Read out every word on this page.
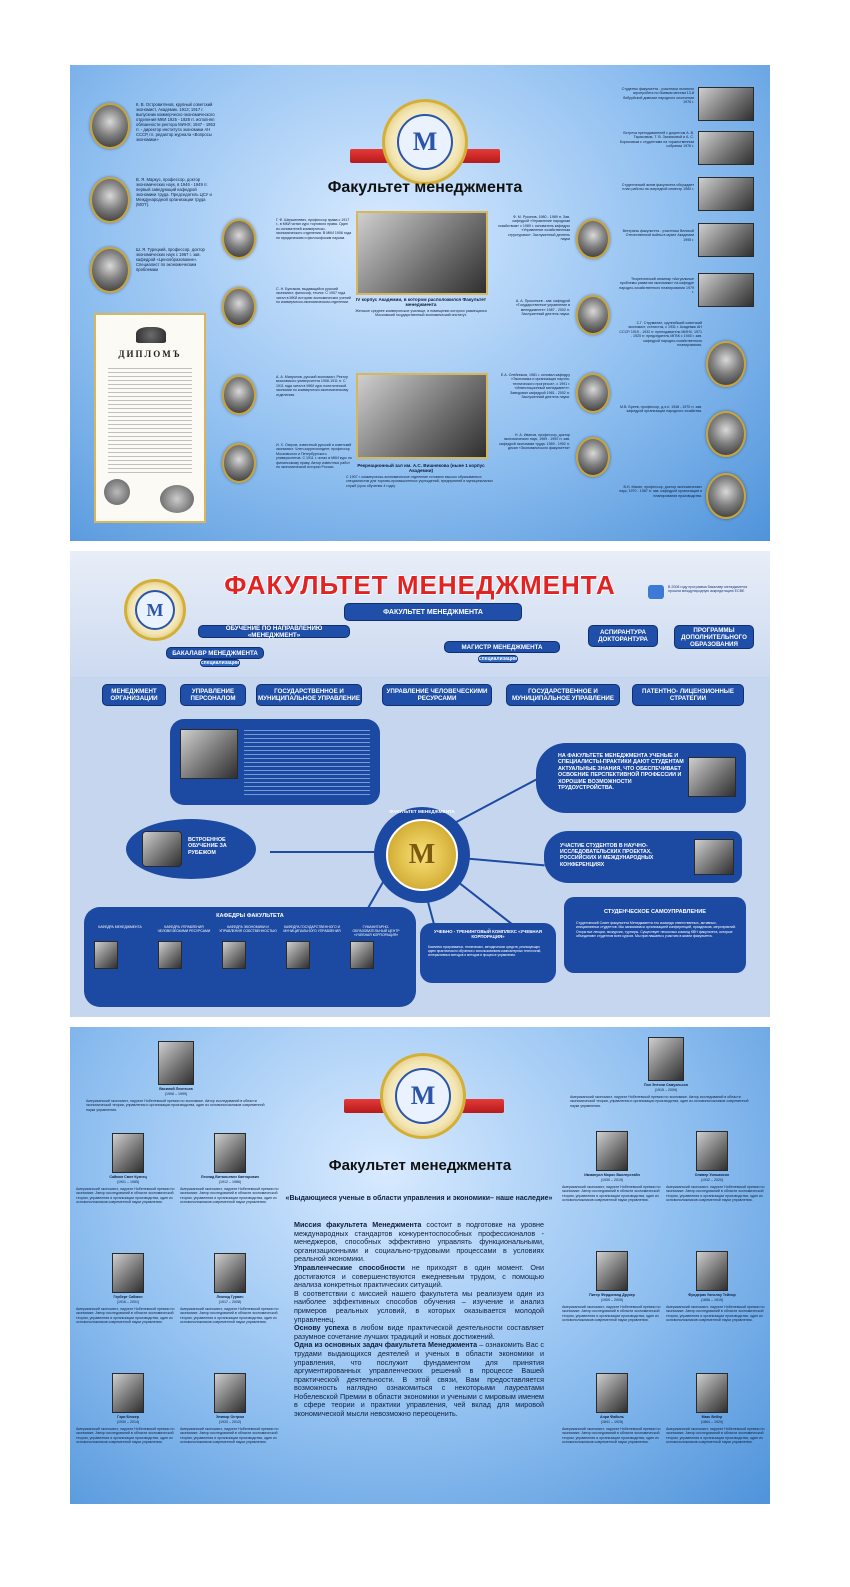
К. В. Островитянов, крупный советский экономист, Академик. 1913; 1917 г. выпускник коммерческо-экономического отделения МКИ 1925 - 1928 гг. исполнял обязанности ректора МИНХ; 1947 - 1953 гг. - директор института экономики АН СССР, гл. редактор журнала «Вопросы экономики»
В. Я. Маркус, профессор, доктор экономических наук, в 1946 - 1949 гг. первый заведующий кафедрой экономики труда. Председатель ЦСУ и Международной организации труда (МОТ).
Ш. Я. Турецкий, профессор, доктор экономических наук с 1967 г. зав. кафедрой «Ценообразование». Специалист по экономическим проблемам
ДИПЛОМЪ
М
Факультет менеджмента
Г. Ф. Шершеневич, профессор права с 1917 г., в МКИ читал курс торгового права. Один из основателей коммерческо-экономического отделения. В МКИ 1906 года по юридическим и философским наукам.
С. Н. Булгаков, выдающийся русский экономист, философ, теолог. С 1907 года читал в МКИ историю экономических учений по коммерческо-экономическом отделении.
А. А. Мануилов, русский экономист, Ректор московского университета 1908-1911 гг. С 1911 года читал в МКИ курс политической экономии по коммерческо-экономическому отделению.
И. Х. Озеров, известный русский и советский экономист. Член-корреспондент, профессор Московского и Петербургского университетов. С 1911 г. читал в МКИ курс по финансовому праву. Автор известных работ по экономической истории России.
IV корпус Академии, в котором расположился Факультет менеджмента
Женское среднее коммерческое училище, в помещении которого размещался Московский государственный экономический институт.
Рекреационный зал им. А.С. Вишнякова (ныне 1 корпус Академии)
С 1907 г. коммерческо-экономическое отделение готовило высоко образованных специалистов для торгово-промышленных учреждений, предприятий и муниципальных служб (срок обучения 4 года).
Ф. М. Русинов, 1980 - 1989 гг. Зав. кафедрой «Управление народным хозяйством» с 1989 г. основатель кафедры «Управление хозяйственным структурами». Заслуженный деятель науки
А. А. Прокопьев - зав. кафедрой «Государственное управление в менеджменте» 1987 - 2002 гг. Заслуженный деятель науки.
Е.А. Олейников, 1981 г. основал кафедру «Экономика и организация научно-технического прогресса», с 1991 г. «Инвестиционный менеджмент». Заведовал кафедрой 1981 - 2002 гг. Заслуженный деятель науки.
Н. А. Иванов, профессор, доктор экономических наук, 1969 - 1992 гг. зав. кафедрой экономики труда. 1969 - 1992 гг. декан «Экономического факультета»
Студенты факультета - участники льняного агропробега по боевым местам 13-й бобруйской дивизии народного ополчения 1976 г.
Встреча преподавателей с доцентом А. В. Тарасовым, Т. В. Записковой и А. С. Борисовым с студентами на торжественном собрании 1976 г.
Студенческий актив факультета обсуждает план работы на очередной семестр 1980 г.
Ветераны факультета - участники Великой Отечественной войны в музее Академии 1995 г.
Теоретический семинар «Актуальные проблемы развития экономики» на кафедре народно-хозяйственного планирования 1979 г.
С.Г. Струмилин, крупнейший советский экономист, статистик, с 1931 г. Академик АН СССР. 1919 - 1932 гг. преподаватель МИНХ, 1971 - 1925 гг. председатель МГВК с 1945 г. зав. кафедрой народно-хозяйственного планирования.
М.В. Бреев, профессор, д.э.н. 1948 - 1970 гг. зав. кафедрой организации народного хозяйства.
В.Н. Мясин, профессор, доктор экономических наук, 1970 - 1987 гг. зав. кафедрой организации и планирования производства.
ФАКУЛЬТЕТ МЕНЕДЖМЕНТА
М
В 2008 году программа бакалавр менеджмента прошла международную аккредитацию ЕСВЕ
ФАКУЛЬТЕТ МЕНЕДЖМЕНТА
ОБУЧЕНИЕ ПО НАПРАВЛЕНИЮ «МЕНЕДЖМЕНТ»	АСПИРАНТУРА ДОКТОРАНТУРА
ПРОГРАММЫ ДОПОЛНИТЕЛЬНОГО ОБРАЗОВАНИЯ
БАКАЛАВР МЕНЕДЖМЕНТА
МАГИСТР МЕНЕДЖМЕНТА
специализации
специализации
МЕНЕДЖМЕНТ ОРГАНИЗАЦИИ
УПРАВЛЕНИЕ ПЕРСОНАЛОМ
ГОСУДАРСТВЕННОЕ И МУНИЦИПАЛЬНОЕ УПРАВЛЕНИЕ
УПРАВЛЕНИЕ ЧЕЛОВЕЧЕСКИМИ РЕСУРСАМИ
ГОСУДАРСТВЕННОЕ И МУНИЦИПАЛЬНОЕ УПРАВЛЕНИЕ
ПАТЕНТНО- ЛИЦЕНЗИОННЫЕ СТРАТЕГИИ
НА ФАКУЛЬТЕТЕ МЕНЕДЖМЕНТА УЧЕНЫЕ И СПЕЦИАЛИСТЫ-ПРАКТИКИ ДАЮТ СТУДЕНТАМ АКТУАЛЬНЫЕ ЗНАНИЯ, ЧТО ОБЕСПЕЧИВАЕТ ОСВОЕНИЕ ПЕРСПЕКТИВНОЙ ПРОФЕССИИ И ХОРОШИЕ ВОЗМОЖНОСТИ ТРУДОУСТРОЙСТВА.
М
ФАКУЛЬТЕТ МЕНЕДЖМЕНТА
ВСТРОЕННОЕ ОБУЧЕНИЕ ЗА РУБЕЖОМ
УЧАСТИЕ СТУДЕНТОВ В НАУЧНО-ИССЛЕДОВАТЕЛЬСКИХ ПРОЕКТАХ, РОССИЙСКИХ И МЕЖДУНАРОДНЫХ КОНФЕРЕНЦИЯХ
СТУДЕНЧЕСКОЕ САМОУПРАВЛЕНИЕ
Студенческий Совет факультета Менеджмента это команда ответственных, активных, инициативных студентов. Мы занимаемся организацией конференций, праздников, мероприятий. Открытые лекции, экскурсии, турниры. Существует несколько команд КВН факультета, которые объединяют студентов всех курсов. Мы приглашаем к участию в жизни факультета.
УЧЕБНО - ТРЕНИНГОВЫЙ КОМПЛЕКС «УЧЕБНАЯ КОРПОРАЦИЯ»
Комплекс программных, технических, методических средств, реализующих идею практического обучения с использованием компьютерных технологий, интерактивных методов и методов в процессе управления.
КАФЕДРЫ ФАКУЛЬТЕТА
КАФЕДРА МЕНЕДЖМЕНТА	КАФЕДРА УПРАВЛЕНИЯ ЧЕЛОВЕЧЕСКИМИ РЕСУРСАМИ
КАФЕДРА ЭКОНОМИКИ И УПРАВЛЕНИЯ СОБСТВЕННОСТЬЮ
КАФЕДРА ГОСУДАРСТВЕННОГО И МУНИЦИПАЛЬНОГО УПРАВЛЕНИЯ
ГУМАНИТАРНО-ОБРАЗОВАТЕЛЬНЫЙ ЦЕНТР «УЧЕБНАЯ КОРПОРАЦИЯ»
М
Факультет менеджмента
«Выдающиеся ученые в области управления и экономики– наше наследие»
Миссия факультета Менеджмента состоит в подготовке на уровне международных стандартов конкурентоспособных профессионалов - менеджеров, способных эффективно управлять функциональными, организационными и социально-трудовыми процессами в условиях реальной экономики.
Управленческие способности не приходят в один момент. Они достигаются и совершенствуются ежедневным трудом, с помощью анализа конкретных практических ситуаций.
В соответствии с миссией нашего факультета мы реализуем один из наиболее эффективных способов обучения – изучение и анализ примеров реальных условий, в которых оказывается молодой управленец.
Основу успеха в любом виде практической деятельности составляет разумное сочетание лучших традиций и новых достижений.
Одна из основных задач факультета Менеджмента – ознакомить Вас с трудами выдающихся деятелей и ученых в области экономики и управления, что послужит фундаментом для принятия аргументированных управленческих решений в процессе Вашей практической деятельности. В этой связи, Вам предоставляется возможность наглядно ознакомиться с некоторыми лауреатами Нобелевской Премии в области экономики и учеными с мировым именем в сфере теории и практики управления, чей вклад для мировой экономической мысли невозможно переоценить.
Василий Леонтьев
(1906 – 1999)
Американский экономист, лауреат Нобелевской премии по экономике. Автор исследований в области экономической теории, управления и организации производства, один из основоположников современной науки управления.
Саймон Смит Кузнец
(1901 – 1985)
Американский экономист, лауреат Нобелевской премии по экономике. Автор исследований в области экономической теории, управления и организации производства, один из основоположников современной науки управления.
Леонид Витальевич Канторович
(1912 – 1986)
Американский экономист, лауреат Нобелевской премии по экономике. Автор исследований в области экономической теории, управления и организации производства, один из основоположников современной науки управления.
Герберт Саймон
(1916 – 2001)
Американский экономист, лауреат Нобелевской премии по экономике. Автор исследований в области экономической теории, управления и организации производства, один из основоположников современной науки управления.
Леонид Гурвич
(1917 – 2008)
Американский экономист, лауреат Нобелевской премии по экономике. Автор исследований в области экономической теории, управления и организации производства, один из основоположников современной науки управления.
Гэри Беккер
(1930 – 2014)
Американский экономист, лауреат Нобелевской премии по экономике. Автор исследований в области экономической теории, управления и организации производства, один из основоположников современной науки управления.
Элинор Остром
(1933 – 2012)
Американский экономист, лауреат Нобелевской премии по экономике. Автор исследований в области экономической теории, управления и организации производства, один из основоположников современной науки управления.
Пол Энтони Самуэльсон
(1915 – 2009)
Американский экономист, лауреат Нобелевской премии по экономике. Автор исследований в области экономической теории, управления и организации производства, один из основоположников современной науки управления.
Иммануил Морис Валлерстайн
(1930 – 2019)
Американский экономист, лауреат Нобелевской премии по экономике. Автор исследований в области экономической теории, управления и организации производства, один из основоположников современной науки управления.
Оливер Уильямсон
(1932 – 2020)
Американский экономист, лауреат Нобелевской премии по экономике. Автор исследований в области экономической теории, управления и организации производства, один из основоположников современной науки управления.
Питер Фердинанд Друкер
(1909 – 2005)
Американский экономист, лауреат Нобелевской премии по экономике. Автор исследований в области экономической теории, управления и организации производства, один из основоположников современной науки управления.
Фредерик Уинслоу Тейлор
(1856 – 1915)
Американский экономист, лауреат Нобелевской премии по экономике. Автор исследований в области экономической теории, управления и организации производства, один из основоположников современной науки управления.
Анри Файоль
(1841 – 1925)
Американский экономист, лауреат Нобелевской премии по экономике. Автор исследований в области экономической теории, управления и организации производства, один из основоположников современной науки управления.
Макс Вебер
(1864 – 1920)
Американский экономист, лауреат Нобелевской премии по экономике. Автор исследований в области экономической теории, управления и организации производства, один из основоположников современной науки управления.
